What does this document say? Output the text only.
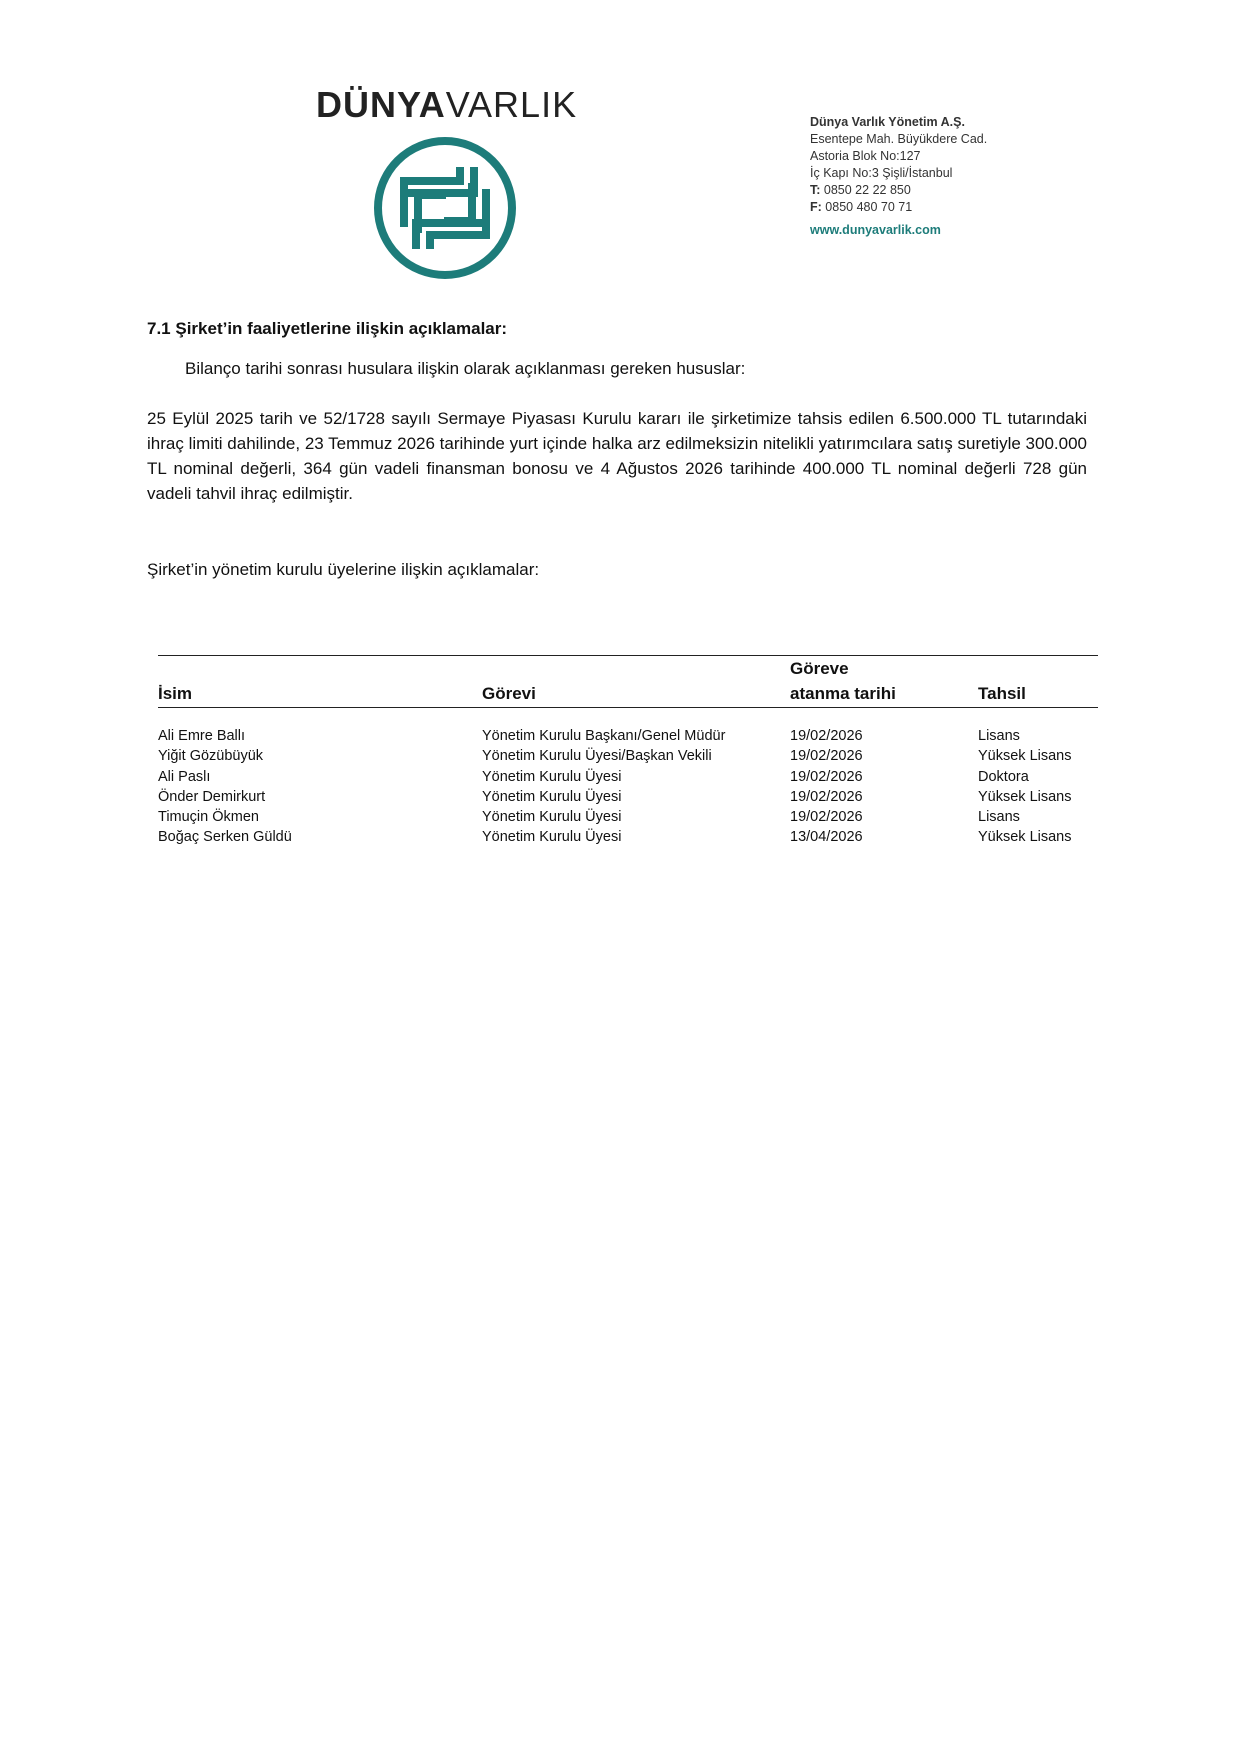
DÜNYAVARLIK	Dünya Varlık Yönetim A.Ş.
Esentepe Mah. Büyükdere Cad.
Astoria Blok No:127
İç Kapı No:3 Şişli/İstanbul
T: 0850 22 22 850
F: 0850 480 70 71
www.dunyavarlik.com
7.1 Şirket’in faaliyetlerine ilişkin açıklamalar:
Bilanço tarihi sonrası husulara ilişkin olarak açıklanması gereken hususlar:
25 Eylül 2025 tarih ve 52/1728 sayılı Sermaye Piyasası Kurulu kararı ile şirketimize tahsis edilen 6.500.000 TL tutarındaki ihraç limiti dahilinde, 23 Temmuz 2026 tarihinde yurt içinde halka arz edilmeksizin nitelikli yatırımcılara satış suretiyle 300.000 TL nominal değerli, 364 gün vadeli finansman bonosu ve 4 Ağustos 2026 tarihinde 400.000 TL nominal değerli 728 gün vadeli tahvil ihraç edilmiştir.
Şirket’in yönetim kurulu üyelerine ilişkin açıklamalar:
İsim	Görevi
Göreve
atanma tarihi	Tahsil
Ali Emre Ballı	Yönetim Kurulu Başkanı/Genel Müdür	19/02/2026	Lisans
Yiğit Gözübüyük	Yönetim Kurulu Üyesi/Başkan Vekili	19/02/2026	Yüksek Lisans
Ali Paslı	Yönetim Kurulu Üyesi	19/02/2026	Doktora
Önder Demirkurt	Yönetim Kurulu Üyesi	19/02/2026	Yüksek Lisans
Timuçin Ökmen	Yönetim Kurulu Üyesi	19/02/2026	Lisans
Boğaç Serken Güldü	Yönetim Kurulu Üyesi	13/04/2026	Yüksek Lisans
